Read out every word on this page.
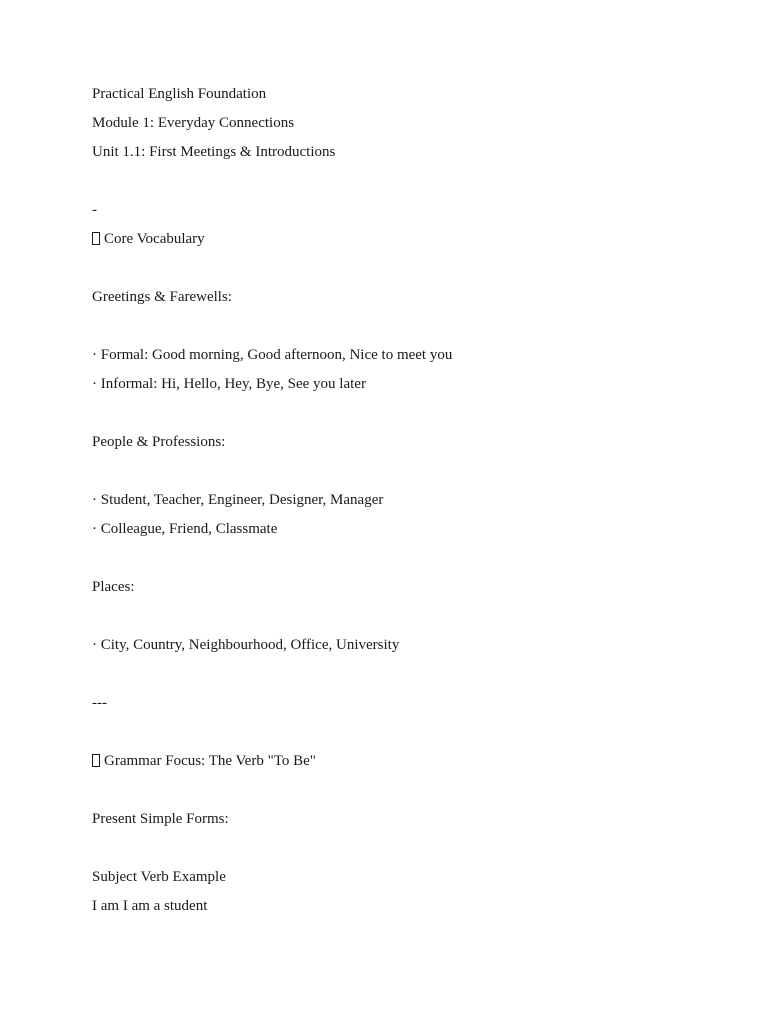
Practical English Foundation
Module 1: Everyday Connections
Unit 1.1: First Meetings & Introductions
-
Core Vocabulary
Greetings & Farewells:
· Formal: Good morning, Good afternoon, Nice to meet you
· Informal: Hi, Hello, Hey, Bye, See you later
People & Professions:
· Student, Teacher, Engineer, Designer, Manager
· Colleague, Friend, Classmate
Places:
· City, Country, Neighbourhood, Office, University
---
Grammar Focus: The Verb "To Be"
Present Simple Forms:
Subject Verb Example
I am I am a student
